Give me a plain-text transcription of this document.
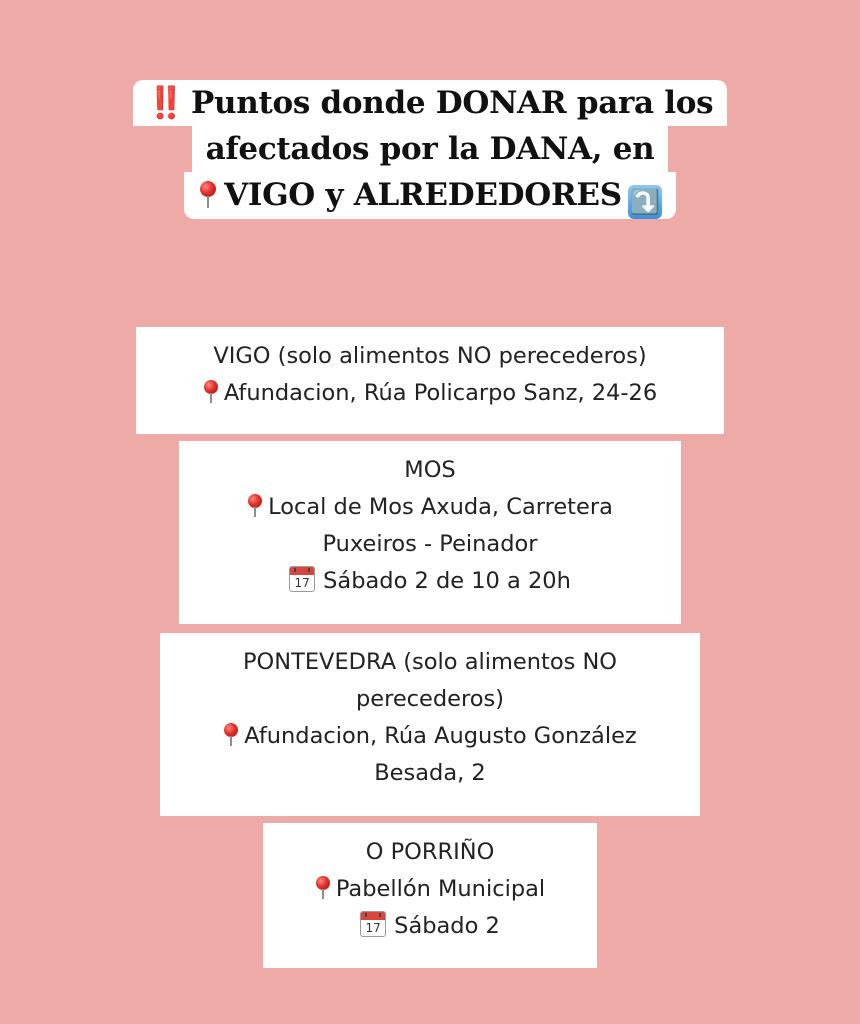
‼️ Puntos donde DONAR para los
afectados por la DANA, en
VIGO y ALREDEDORES ⤵️
VIGO (solo alimentos NO perecederos)
Afundacion, Rúa Policarpo Sanz, 24-26
MOS
Local de Mos Axuda, Carretera
Puxeiros - Peinador
17 Sábado 2 de 10 a 20h
PONTEVEDRA (solo alimentos NO
perecederos)
Afundacion, Rúa Augusto González
Besada, 2
O PORRIÑO
Pabellón Municipal
17 Sábado 2
